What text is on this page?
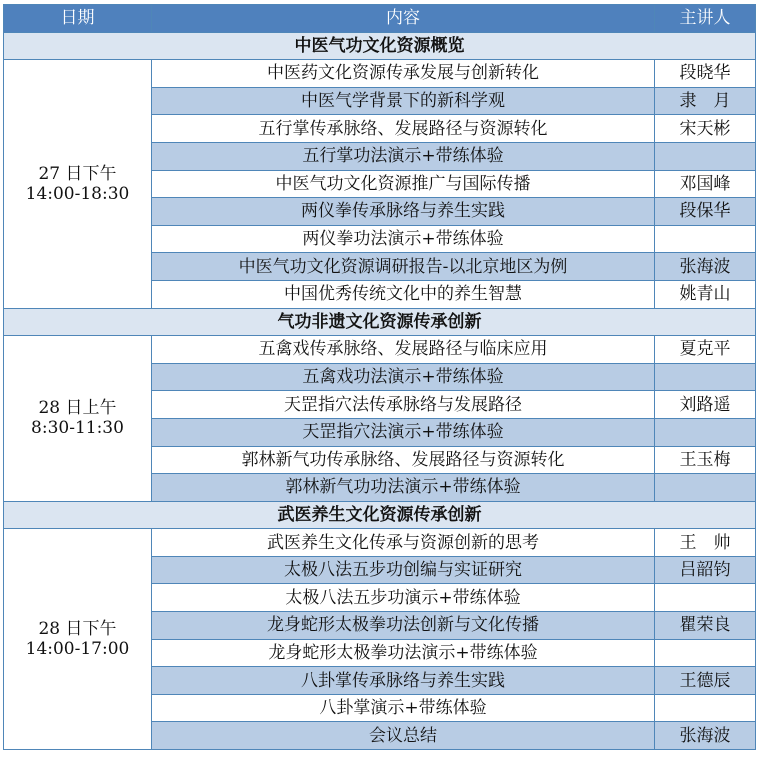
日期	内容	主讲人
中医气功文化资源概览		

27 日下午
14:00-18:30	中医药文化资源传承发展与创新转化	段晓华
	中医气学背景下的新科学观	隶　月
	五行掌传承脉络、发展路径与资源转化	宋天彬
	五行掌功法演示+带练体验	
	中医气功文化资源推广与国际传播	邓国峰
	两仪拳传承脉络与养生实践	段保华
	两仪拳功法演示+带练体验	
	中医气功文化资源调研报告-以北京地区为例	张海波
	中国优秀传统文化中的养生智慧	姚青山
气功非遗文化资源传承创新		

28 日上午
8:30-11:30	五禽戏传承脉络、发展路径与临床应用	夏克平
	五禽戏功法演示+带练体验	
	天罡指穴法传承脉络与发展路径	刘路遥
	天罡指穴法演示+带练体验	
	郭林新气功传承脉络、发展路径与资源转化	王玉梅
	郭林新气功功法演示+带练体验	
武医养生文化资源传承创新		

28 日下午
14:00-17:00	武医养生文化传承与资源创新的思考	王　帅
	太极八法五步功创编与实证研究	吕韶钧
	太极八法五步功演示+带练体验	
	龙身蛇形太极拳功法创新与文化传播	瞿荣良
	龙身蛇形太极拳功法演示+带练体验	
	八卦掌传承脉络与养生实践	王德辰
	八卦掌演示+带练体验	
	会议总结	张海波
